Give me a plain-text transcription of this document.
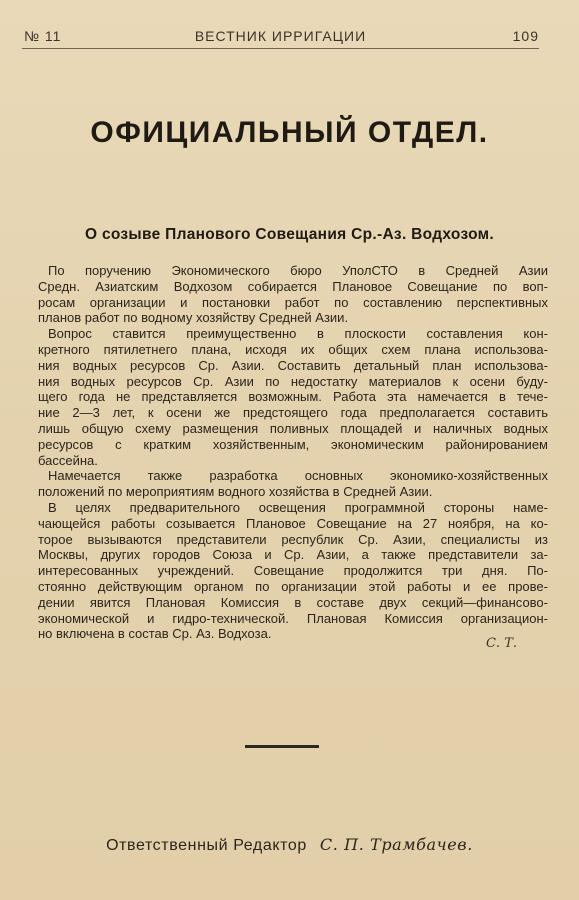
№ 11	ВЕСТНИК ИРРИГАЦИИ	109
ОФИЦИАЛЬНЫЙ ОТДЕЛ.
О созыве Планового Совещания Ср.-Аз. Водхозом.

По поручению Экономического бюро УполСТО в Средней Азии
Средн. Азиатским Водхозом собирается Плановое Совещание по воп-
росам организации и постановки работ по составлению перспективных
планов работ по водному хозяйству Средней Азии.

Вопрос ставится преимущественно в плоскости составления кон-
кретного пятилетнего плана, исходя их общих схем плана использова-
ния водных ресурсов Ср. Азии. Составить детальный план использова-
ния водных ресурсов Ср. Азии по недостатку материалов к осени буду-
щего года не представляется возможным. Работа эта намечается в тече-
ние 2—3 лет, к осени же предстоящего года предполагается составить
лишь общую схему размещения поливных площадей и наличных водных
ресурсов с кратким хозяйственным, экономическим районированием
бассейна.

Намечается также разработка основных экономико-хозяйственных
положений по мероприятиям водного хозяйства в Средней Азии.

В целях предварительного освещения программной стороны наме-
чающейся работы созывается Плановое Совещание на 27 ноября, на ко-
торое вызываются представители республик Ср. Азии, специалисты из
Москвы, других городов Союза и Ср. Азии, а также представители за-
интересованных учреждений. Совещание продолжится три дня. По-
стоянно действующим органом по организации этой работы и ее прове-
дении явится Плановая Комиссия в составе двух секций—финансово-
экономической и гидро-технической. Плановая Комиссия организацион-
но включена в состав Ср. Аз. Водхоза.

С. Т.
Ответственный Редактор С. П. Трамбачев.
